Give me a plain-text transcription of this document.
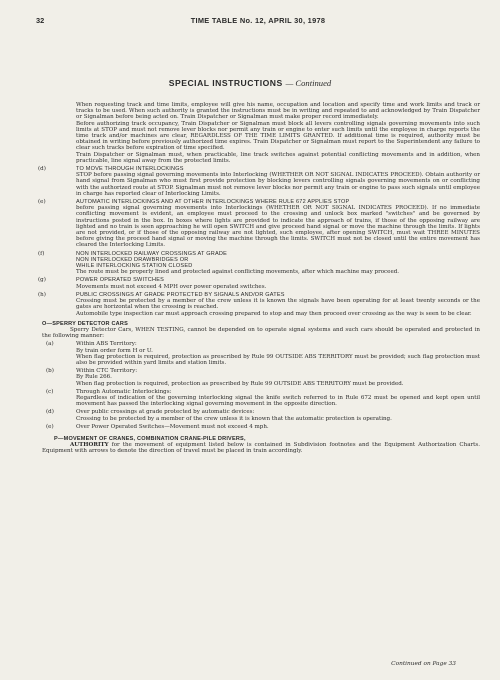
32	TIME TABLE No. 12, APRIL 30, 1978
SPECIAL INSTRUCTIONS — Continued

When requesting track and time limits, employee will give his name, occupation and location and specify time and work limits and track or tracks to be used. When such authority is granted the instructions must be in writing and repeated to and acknowledged by Train Dispatcher or Signalman before being acted on. Train Dispatcher or Signalman must make proper record immediately.

Before authorizing track occupancy, Train Dispatcher or Signalman must block all levers controlling signals governing movements into such limits at STOP and must not remove lever blocks nor permit any train or engine to enter such limits until the employee in charge reports the time track and/or machines are clear, REGARDLESS OF THE TIME LIMITS GRANTED. If additional time is required, authority must be obtained in writing before previously authorized time expires. Train Dispatcher or Signalman must report to the Superintendent any failure to clear such tracks before expiration of time specified.

Train Dispatcher or Signalman must, when practicable, line track switches against potential conflicting movements and in addition, when practicable, line signal away from the protected limits.

(d)	TO MOVE THROUGH INTERLOCKINGS

STOP before passing signal governing movements into Interlocking (WHETHER OR NOT SIGNAL INDICATES PROCEED). Obtain authority or hand signal from Signalman who must first provide protection by blocking levers controlling signals governing movements on or conflicting with the authorized route at STOP. Signalman must not remove lever blocks nor permit any train or engine to pass such signals until employee in charge has reported clear of Interlocking Limits.

(e)	AUTOMATIC INTERLOCKINGS AND AT OTHER INTERLOCKINGS WHERE RULE 672 APPLIES STOP

before passing signal governing movements into Interlockings (WHETHER OR NOT SIGNAL INDICATES PROCEED). If no immediate conflicting movement is evident, an employee must proceed to the crossing and unlock box marked "switches" and be governed by instructions posted in the box. In boxes where lights are provided to indicate the approach of trains, if those of the opposing railway are lighted and no train is seen approaching he will open SWITCH and give proceed hand signal or move the machine through the limits. If lights are not provided, or if those of the opposing railway are not lighted, such employee, after opening SWITCH, must wait THREE MINUTES before giving the proceed hand signal or moving the machine through the limits. SWITCH must not be closed until the entire movement has cleared the Interlocking Limits.

(f)	NON INTERLOCKED RAILWAY CROSSINGS AT GRADE
NON INTERLOCKED DRAWBRIDGES OR
WHILE INTERLOCKING STATION CLOSED

The route must be properly lined and protected against conflicting movements, after which machine may proceed.

(g)	POWER OPERATED SWITCHES

Movements must not exceed 4 MPH over power operated switches.

(h)	PUBLIC CROSSINGS AT GRADE PROTECTED BY SIGNALS AND/OR GATES

Crossing must be protected by a member of the crew unless it is known the signals have been operating for at least twenty seconds or the gates are horizontal when the crossing is reached.

Automobile type inspection car must approach crossing prepared to stop and may then proceed over crossing as the way is seen to be clear.

O—SPERRY DETECTOR CARS

Sperry Detector Cars, WHEN TESTING, cannot be depended on to operate signal systems and such cars should be operated and protected in the following manner:

(a)	Within ABS Territory:
By train order form H or U.

When flag protection is required, protection as prescribed by Rule 99 OUTSIDE ABS TERRITORY must be provided; such flag protection must also be provided within yard limits and station limits.

(b)	Within CTC Territory:
By Rule 266.

When flag protection is required, protection as prescribed by Rule 99 OUTSIDE ABS TERRITORY must be provided.

(c)	Through Automatic Interlockings:

Regardless of indication of the governing interlocking signal the knife switch referred to in Rule 672 must be opened and kept open until movement has passed the interlocking signal governing movement in the opposite direction.

(d)	Over public crossings at grade protected by automatic devices:

Crossing to be protected by a member of the crew unless it is known that the automatic protection is operating.

(e)	Over Power Operated Switches—Movement must not exceed 4 mph.
P—MOVEMENT OF CRANES, COMBINATION CRANE-PILE DRIVERS,

AUTHORITY for the movement of equipment listed below is contained in Subdivision footnotes and the Equipment Authorization Charts. Equipment with arrows to denote the direction of travel must be placed in train accordingly.

Continued on Page 33
